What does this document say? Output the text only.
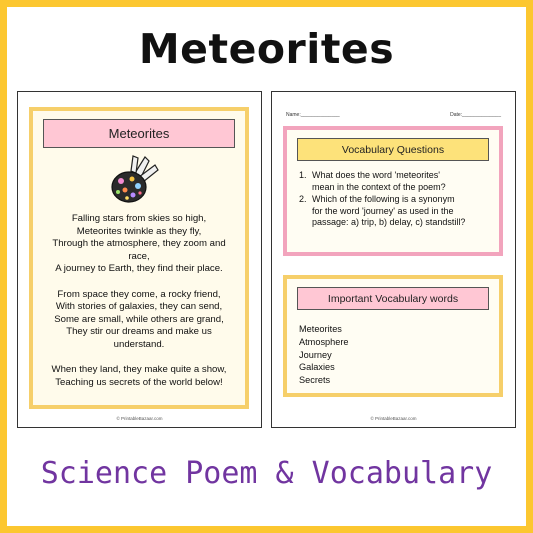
Meteorites
Meteorites
Falling stars from skies so high,
Meteorites twinkle as they fly,
Through the atmosphere, they zoom and
race,
A journey to Earth, they find their place.
From space they come, a rocky friend,
With stories of galaxies, they can send,
Some are small, while others are grand,
They stir our dreams and make us
understand.
When they land, they make quite a show,
Teaching us secrets of the world below!
© PrintableBazaar.com
Name:______________	Date:______________
Vocabulary Questions
1. What does the word 'meteorites'
mean in the context of the poem?
2. Which of the following is a synonym
for the word 'journey' as used in the
passage: a) trip, b) delay, c) standstill?
Important Vocabulary words
Meteorites
Atmosphere
Journey
Galaxies
Secrets
© PrintableBazaar.com
Science Poem & Vocabulary
